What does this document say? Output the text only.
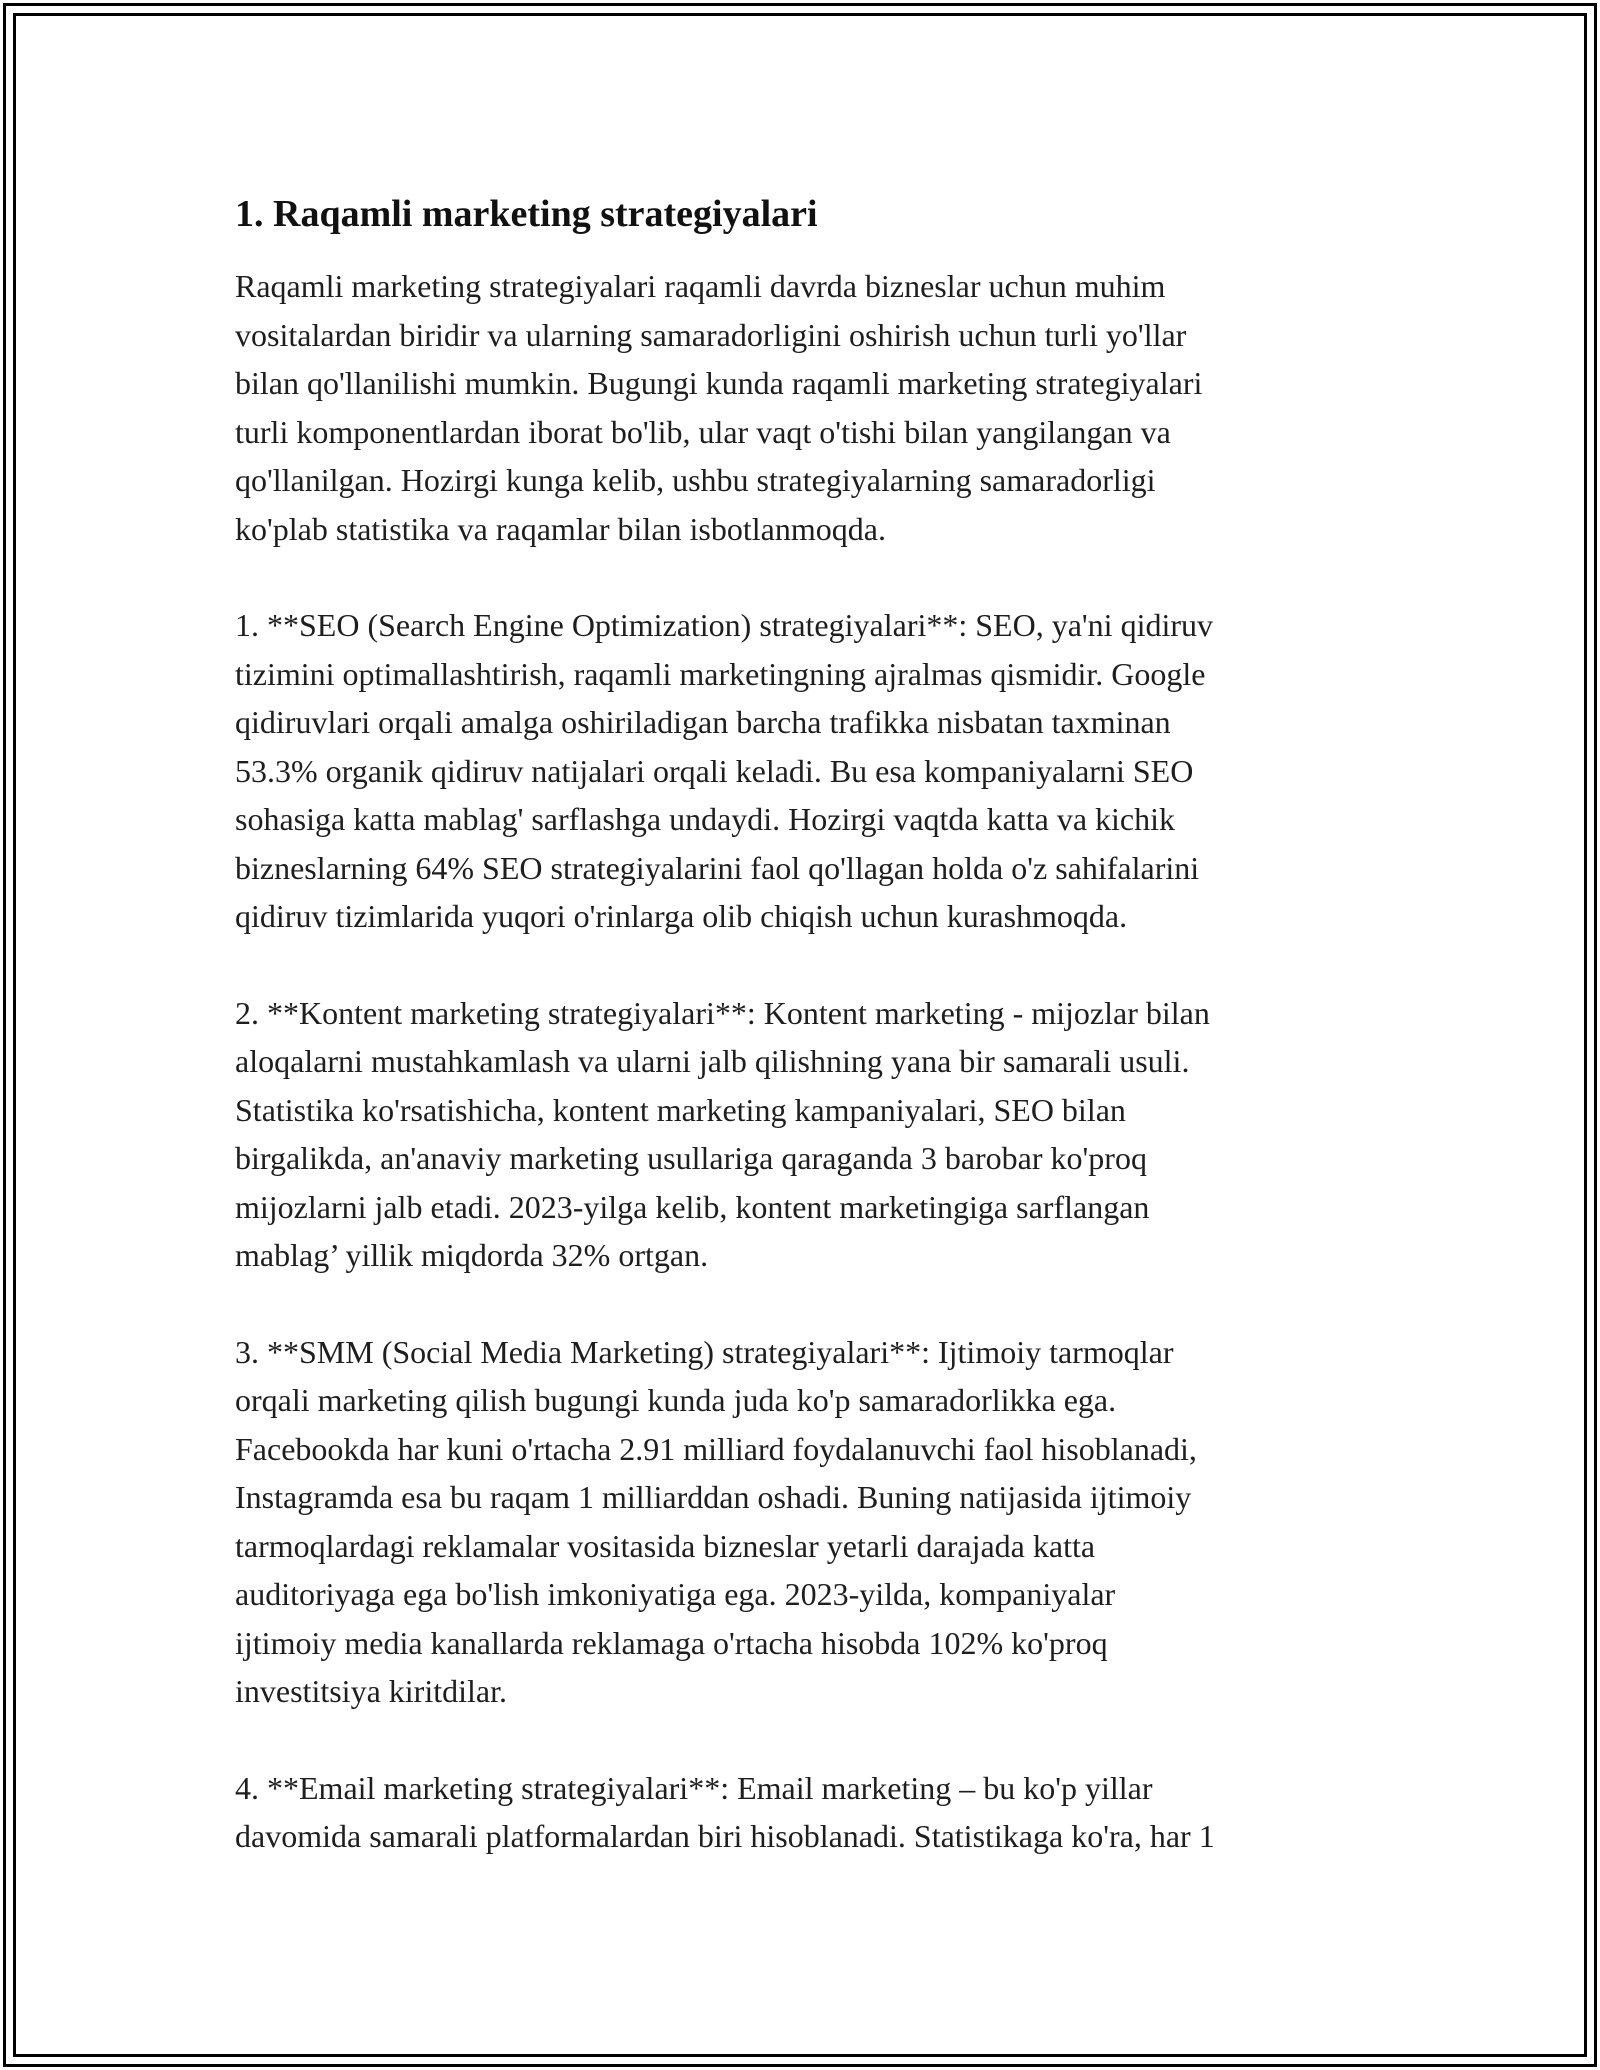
1. Raqamli marketing strategiyalari

Raqamli marketing strategiyalari raqamli davrda bizneslar uchun muhim
vositalardan biridir va ularning samaradorligini oshirish uchun turli yo'llar
bilan qo'llanilishi mumkin. Bugungi kunda raqamli marketing strategiyalari
turli komponentlardan iborat bo'lib, ular vaqt o'tishi bilan yangilangan va
qo'llanilgan. Hozirgi kunga kelib, ushbu strategiyalarning samaradorligi
ko'plab statistika va raqamlar bilan isbotlanmoqda.

1. **SEO (Search Engine Optimization) strategiyalari**: SEO, ya'ni qidiruv
tizimini optimallashtirish, raqamli marketingning ajralmas qismidir. Google
qidiruvlari orqali amalga oshiriladigan barcha trafikka nisbatan taxminan
53.3% organik qidiruv natijalari orqali keladi. Bu esa kompaniyalarni SEO
sohasiga katta mablag' sarflashga undaydi. Hozirgi vaqtda katta va kichik
bizneslarning 64% SEO strategiyalarini faol qo'llagan holda o'z sahifalarini
qidiruv tizimlarida yuqori o'rinlarga olib chiqish uchun kurashmoqda.

2. **Kontent marketing strategiyalari**: Kontent marketing - mijozlar bilan
aloqalarni mustahkamlash va ularni jalb qilishning yana bir samarali usuli.
Statistika ko'rsatishicha, kontent marketing kampaniyalari, SEO bilan
birgalikda, an'anaviy marketing usullariga qaraganda 3 barobar ko'proq
mijozlarni jalb etadi. 2023-yilga kelib, kontent marketingiga sarflangan
mablag’ yillik miqdorda 32% ortgan.

3. **SMM (Social Media Marketing) strategiyalari**: Ijtimoiy tarmoqlar
orqali marketing qilish bugungi kunda juda ko'p samaradorlikka ega.
Facebookda har kuni o'rtacha 2.91 milliard foydalanuvchi faol hisoblanadi,
Instagramda esa bu raqam 1 milliarddan oshadi. Buning natijasida ijtimoiy
tarmoqlardagi reklamalar vositasida bizneslar yetarli darajada katta
auditoriyaga ega bo'lish imkoniyatiga ega. 2023-yilda, kompaniyalar
ijtimoiy media kanallarda reklamaga o'rtacha hisobda 102% ko'proq
investitsiya kiritdilar.

4. **Email marketing strategiyalari**: Email marketing – bu ko'p yillar
davomida samarali platformalardan biri hisoblanadi. Statistikaga ko'ra, har 1
